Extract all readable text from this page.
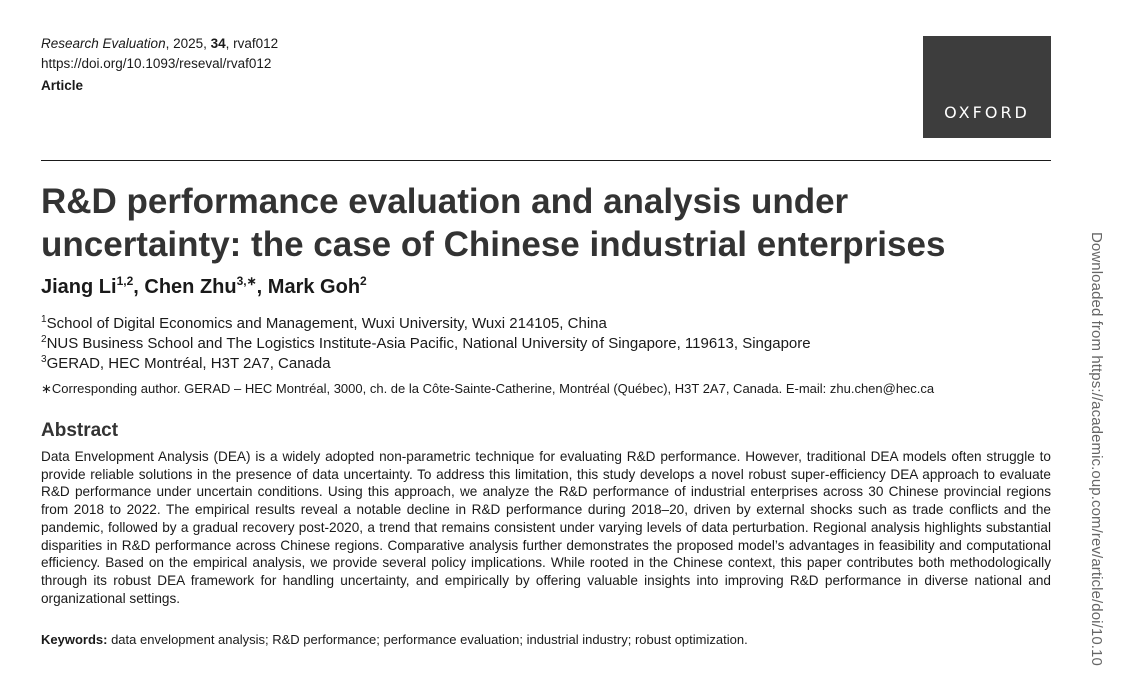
Research Evaluation, 2025, 34, rvaf012
https://doi.org/10.1093/reseval/rvaf012
Article
OXFORD
R&D performance evaluation and analysis under uncertainty: the case of Chinese industrial enterprises
Jiang Li$^{1,2}$, Chen Zhu$^{3,∗}$, Mark Goh$^2$
$^1$School of Digital Economics and Management, Wuxi University, Wuxi 214105, China
$^2$NUS Business School and The Logistics Institute-Asia Pacific, National University of Singapore, 119613, Singapore
$^3$GERAD, HEC Montréal, H3T 2A7, Canada
∗Corresponding author. GERAD – HEC Montréal, 3000, ch. de la Côte-Sainte-Catherine, Montréal (Québec), H3T 2A7, Canada. E-mail: zhu.chen@hec.ca
Abstract

Data Envelopment Analysis (DEA) is a widely adopted non-parametric technique for evaluating R&D performance. However, traditional DEA models often struggle to provide reliable solutions in the presence of data uncertainty. To address this limitation, this study develops a novel robust super-efficiency DEA approach to evaluate R&D performance under uncertain conditions. Using this approach, we analyze the R&D performance of industrial enterprises across 30 Chinese provincial regions from 2018 to 2022. The empirical results reveal a notable decline in R&D performance during 2018–20, driven by external shocks such as trade conflicts and the pandemic, followed by a gradual recovery post-2020, a trend that remains consistent under varying levels of data perturbation. Regional analysis highlights substantial disparities in R&D performance across Chinese regions. Comparative analysis further demonstrates the proposed model’s advantages in feasibility and computational efficiency. Based on the empirical analysis, we provide several policy implications. While rooted in the Chinese context, this paper contributes both methodologically through its robust DEA framework for handling uncertainty, and empirically by offering valuable insights into improving R&D performance in diverse national and organizational settings.

Keywords: data envelopment analysis; R&D performance; performance evaluation; industrial industry; robust optimization.	Downloaded from https://academic.oup.com/rev/article/doi/10.10
